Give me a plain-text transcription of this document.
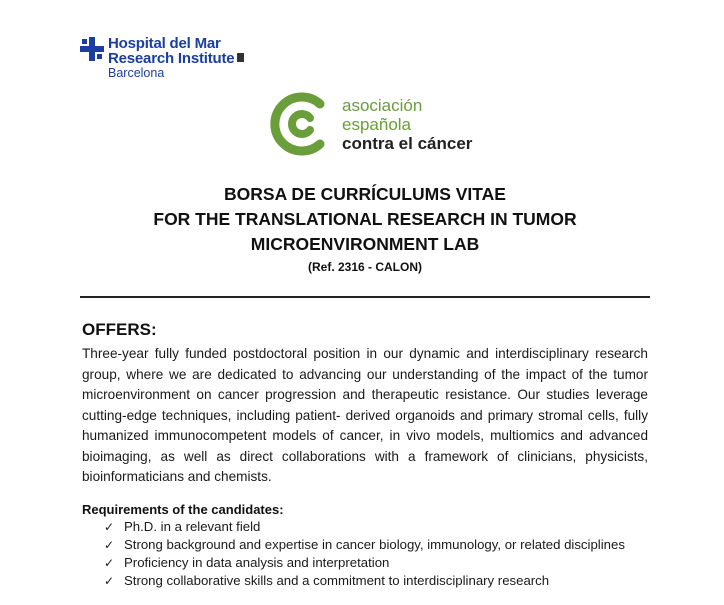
Hospital del Mar
Research Institute
Barcelona
asociación
española
contra el cáncer
BORSA DE CURRÍCULUMS VITAE
FOR THE TRANSLATIONAL RESEARCH IN TUMOR
MICROENVIRONMENT LAB
(Ref. 2316 - CALON)
OFFERS:
Three-year fully funded postdoctoral position in our dynamic and interdisciplinary research group, where we are dedicated to advancing our understanding of the impact of the tumor microenvironment on cancer progression and therapeutic resistance. Our studies leverage cutting-edge techniques, including patient- derived organoids and primary stromal cells, fully humanized immunocompetent models of cancer, in vivo models, multiomics and advanced bioimaging, as well as direct collaborations with a framework of clinicians, physicists, bioinformaticians and chemists.
Requirements of the candidates:
✓ Ph.D. in a relevant field
✓ Strong background and expertise in cancer biology, immunology, or related disciplines
✓ Proficiency in data analysis and interpretation
✓ Strong collaborative skills and a commitment to interdisciplinary research
